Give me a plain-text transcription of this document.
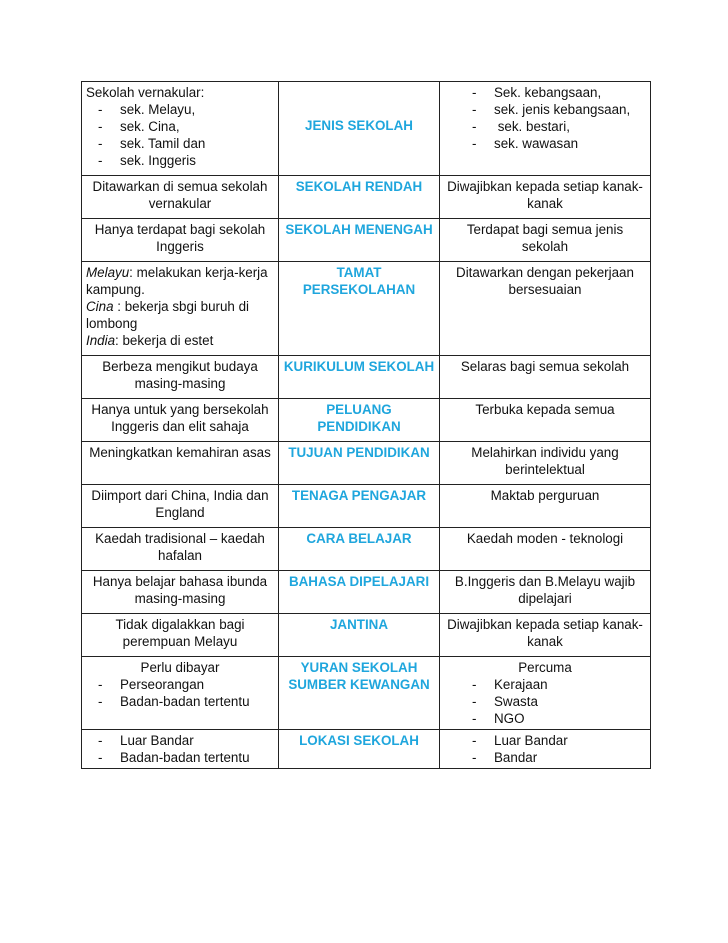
Sekolah vernakular:
- sek. Melayu,
- sek. Cina,
- sek. Tamil dan
- sek. Inggeris	JENIS SEKOLAH	- Sek. kebangsaan,
- sek. jenis kebangsaan,
- sek. bestari,
- sek. wawasan

Ditawarkan di semua sekolah vernakular	SEKOLAH RENDAH	Diwajibkan kepada setiap kanak-kanak
Hanya terdapat bagi sekolah Inggeris	SEKOLAH MENENGAH	Terdapat bagi semua jenis sekolah
Melayu: melakukan kerja-kerja kampung.
Cina : bekerja sbgi buruh di lombong
India: bekerja di estet	TAMAT PERSEKOLAHAN	Ditawarkan dengan pekerjaan bersesuaian
Berbeza mengikut budaya masing-masing	KURIKULUM SEKOLAH	Selaras bagi semua sekolah
Hanya untuk yang bersekolah Inggeris dan elit sahaja	PELUANG PENDIDIKAN	Terbuka kepada semua
Meningkatkan kemahiran asas	TUJUAN PENDIDIKAN	Melahirkan individu yang berintelektual
Diimport dari China, India dan England	TENAGA PENGAJAR	Maktab perguruan
Kaedah tradisional – kaedah hafalan	CARA BELAJAR	Kaedah moden - teknologi
Hanya belajar bahasa ibunda masing-masing	BAHASA DIPELAJARI	B.Inggeris dan B.Melayu wajib dipelajari
Tidak digalakkan bagi perempuan Melayu	JANTINA	Diwajibkan kepada setiap kanak-kanak

Perlu dibayar
- Perseorangan
- Badan-badan tertentu	YURAN SEKOLAH
SUMBER KEWANGAN	Percuma
- Kerajaan
- Swasta
- NGO

- Luar Bandar
- Badan-badan tertentu	LOKASI SEKOLAH	- Luar Bandar
- Bandar
